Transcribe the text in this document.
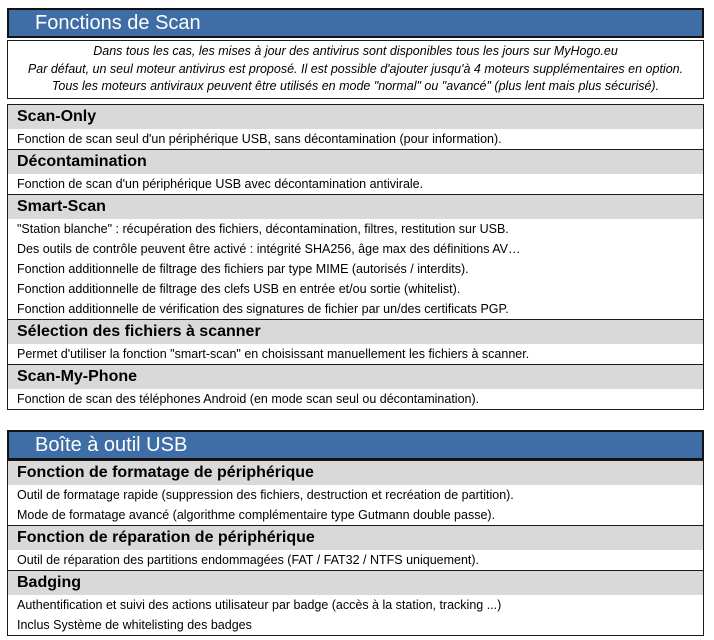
Fonctions de Scan
Dans tous les cas, les mises à jour des antivirus sont disponibles tous les jours sur MyHogo.eu
Par défaut, un seul moteur antivirus est proposé. Il est possible d'ajouter jusqu'à 4 moteurs supplémentaires en option.
Tous les moteurs antiviraux peuvent être utilisés en mode "normal" ou "avancé" (plus lent mais plus sécurisé).
Scan-Only
Fonction de scan seul d'un périphérique USB, sans décontamination (pour information).
Décontamination
Fonction de scan d'un périphérique USB avec décontamination antivirale.
Smart-Scan
"Station blanche" : récupération des fichiers, décontamination, filtres, restitution sur USB.
Des outils de contrôle peuvent être activé : intégrité SHA256, âge max des définitions AV…
Fonction additionnelle de filtrage des fichiers par type MIME (autorisés / interdits).
Fonction additionnelle de filtrage des clefs USB en entrée et/ou sortie (whitelist).
Fonction additionnelle de vérification des signatures de fichier par un/des certificats PGP.
Sélection des fichiers à scanner
Permet d'utiliser la fonction "smart-scan" en choisissant manuellement les fichiers à scanner.
Scan-My-Phone
Fonction de scan des téléphones Android (en mode scan seul ou décontamination).
Boîte à outil USB
Fonction de formatage de périphérique
Outil de formatage rapide (suppression des fichiers, destruction et recréation de partition).
Mode de formatage avancé (algorithme complémentaire type Gutmann double passe).
Fonction de réparation de périphérique
Outil de réparation des partitions endommagées (FAT / FAT32 / NTFS uniquement).
Badging
Authentification et suivi des actions utilisateur par badge (accès à la station, tracking ...)
Inclus Système de whitelisting des badges
